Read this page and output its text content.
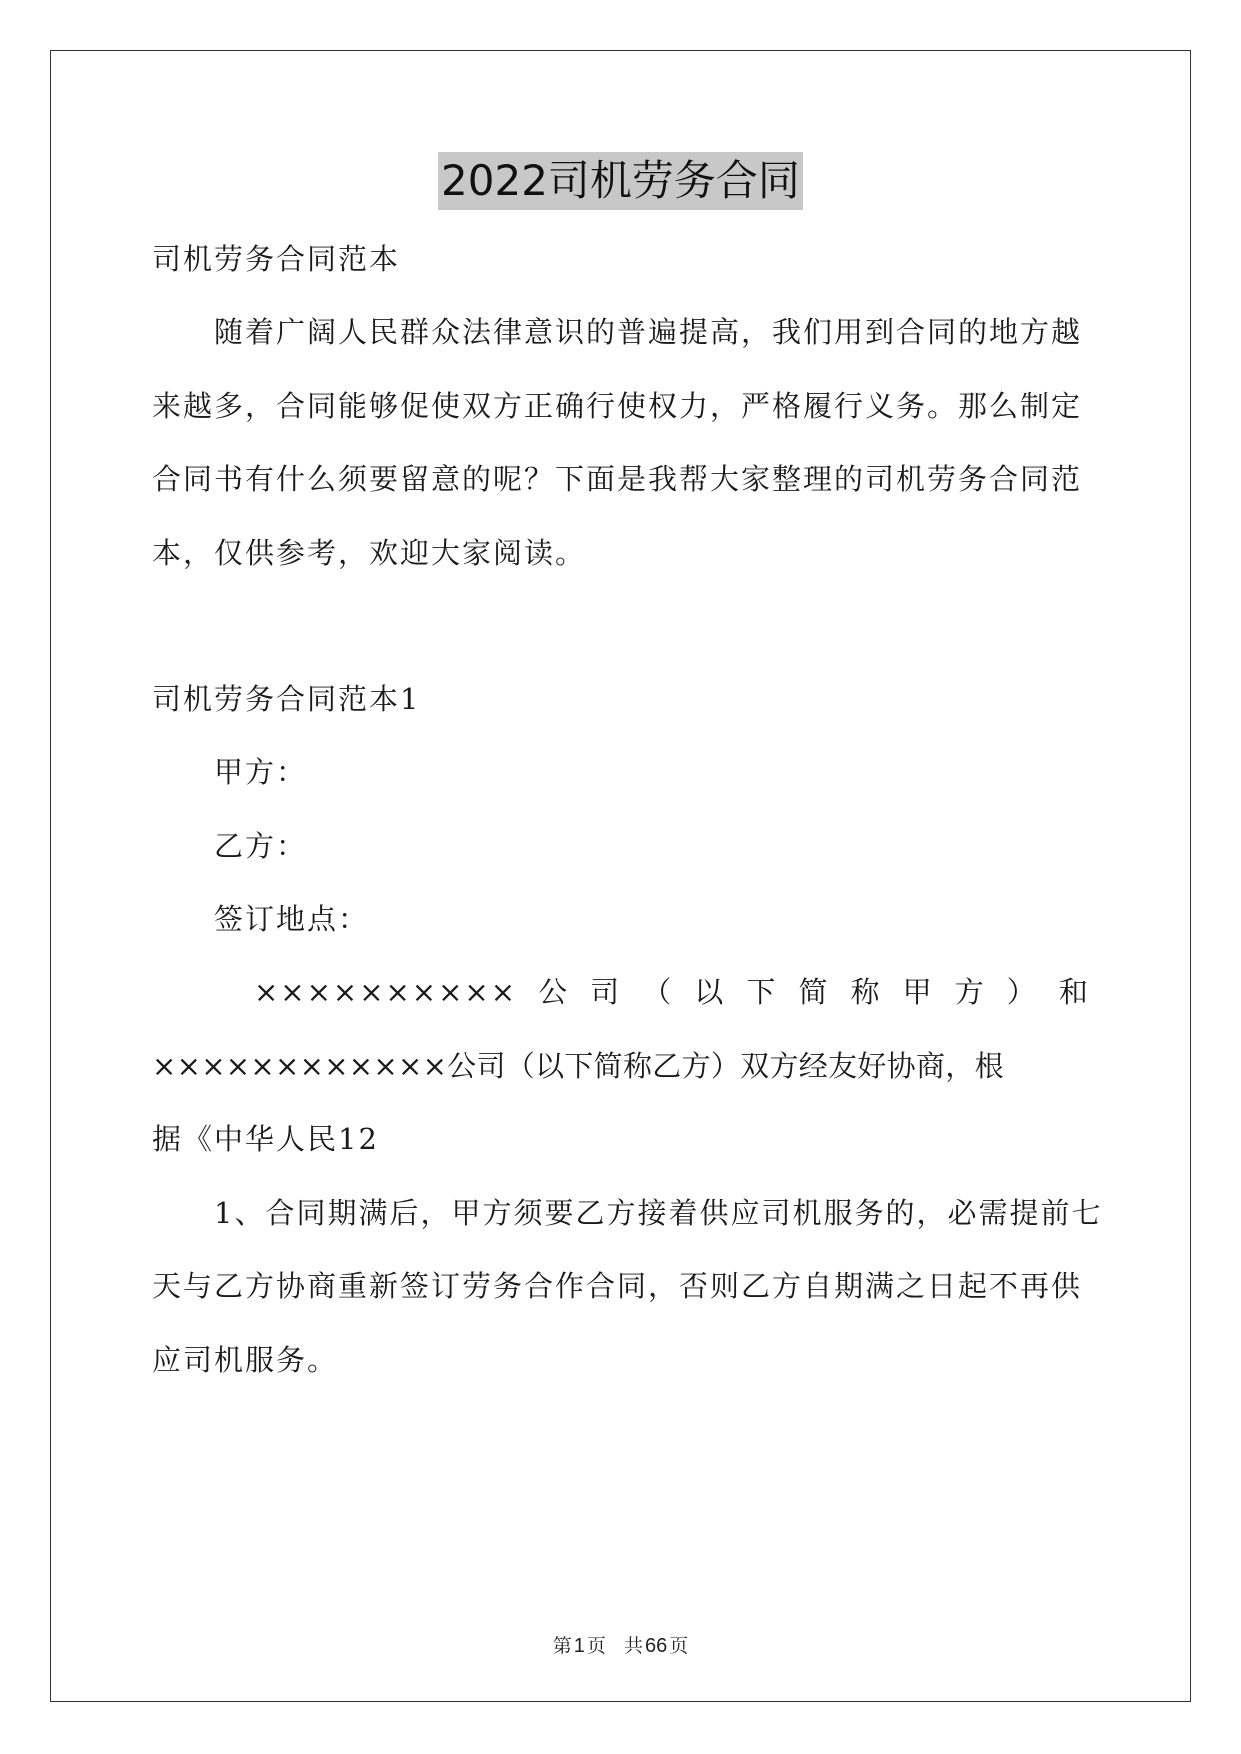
2022司机劳务合同
司机劳务合同范本
　　随着广阔人民群众法律意识的普遍提高，我们用到合同的地方越
来越多，合同能够促使双方正确行使权力，严格履行义务。那么制定
合同书有什么须要留意的呢？下面是我帮大家整理的司机劳务合同范
本，仅供参考，欢迎大家阅读。
司机劳务合同范本1
　　甲方：
　　乙方：
　　签订地点：
×××××××××× 公 司 （ 以 下 简 称 甲 方 ） 和
××××××××××××公司（以下简称乙方）双方经友好协商，根
据《中华人民12
　　1、合同期满后，甲方须要乙方接着供应司机服务的，必需提前七
天与乙方协商重新签订劳务合作合同，否则乙方自期满之日起不再供
应司机服务。
第 1 页 共 66 页
